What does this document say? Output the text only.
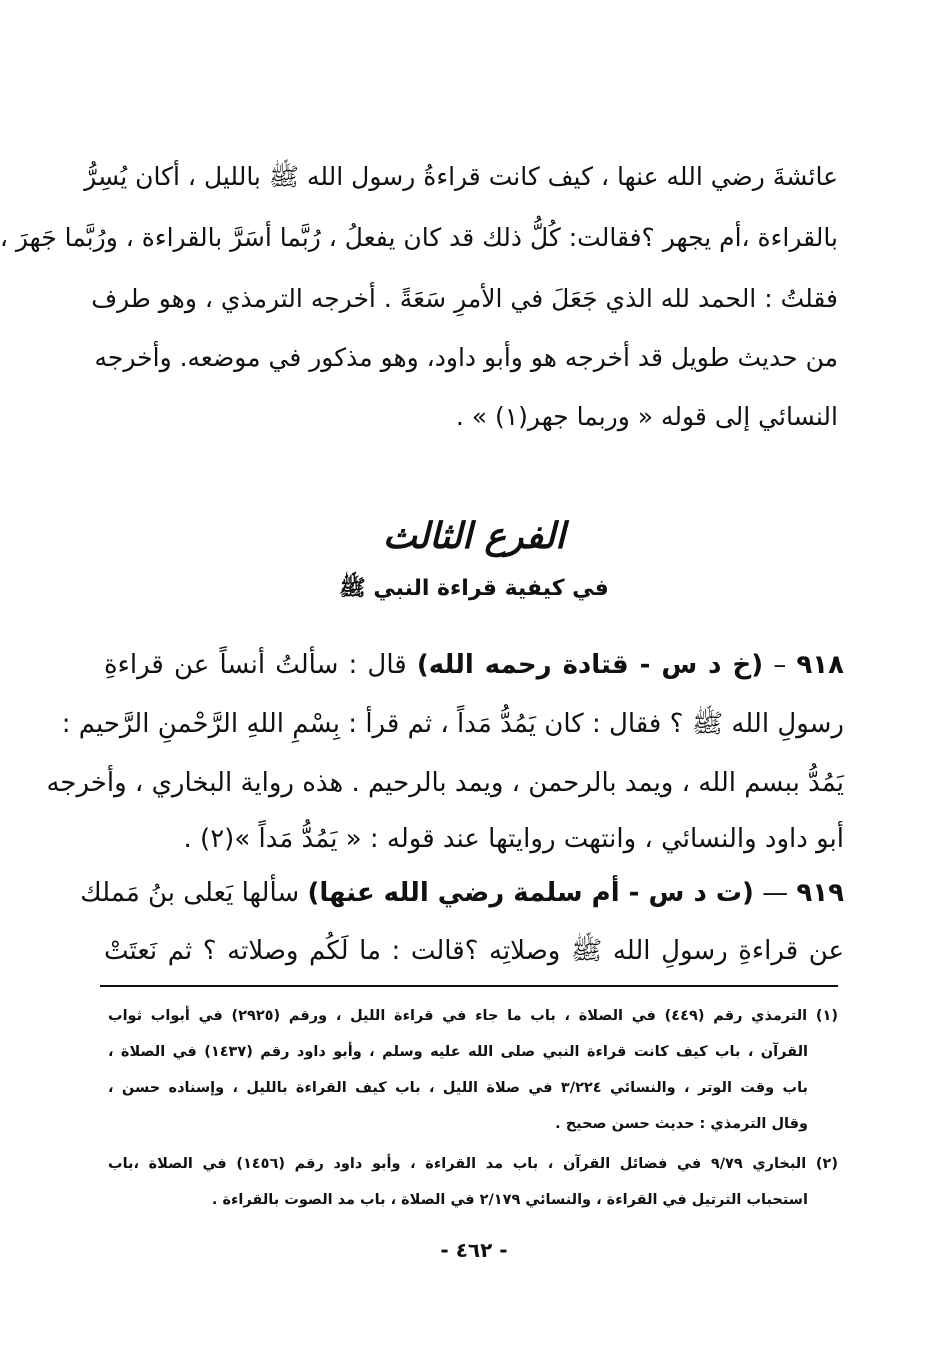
عائشةَ رضي الله عنها ، كيف كانت قراءةُ رسول الله ﷺ بالليل ، أكان يُسِرُّ
بالقراءة ،أم يجهر ؟فقالت: كُلُّ ذلك قد كان يفعلُ ، رُبَّما أسَرَّ بالقراءة ، ورُبَّما جَهرَ ،
فقلتُ : الحمد لله الذي جَعَلَ في الأمرِ سَعَةً . أخرجه الترمذي ، وهو طرف
من حديث طويل قد أخرجه هو وأبو داود، وهو مذكور في موضعه. وأخرجه
النسائي إلى قوله « وربما جهر(١) » .
الفرع الثالث
في كيفية قراءة النبي ﷺ
٩١٨ – (خ د س - قتادة رحمه الله) قال : سألتُ أنساً عن قراءةِ
رسولِ الله ﷺ ؟ فقال : كان يَمُدُّ مَداً ، ثم قرأ : بِسْمِ اللهِ الرَّحْمنِ الرَّحيم :
يَمُدُّ ببسم الله ، ويمد بالرحمن ، ويمد بالرحيم . هذه رواية البخاري ، وأخرجه
أبو داود والنسائي ، وانتهت روايتها عند قوله : « يَمُدُّ مَداً »(٢) .
٩١٩ — (ت د س - أم سلمة رضي الله عنها) سألها يَعلى بنُ مَملك
عن قراءةِ رسولِ الله ﷺ وصلاتِه ؟قالت : ما لَكُم وصلاته ؟ ثم نَعتَتْ
(١) الترمذي رقم (٤٤٩) في الصلاة ، باب ما جاء في قراءة الليل ، ورقم (٢٩٢٥) في أبواب ثواب
القرآن ، باب كيف كانت قراءة النبي صلى الله عليه وسلم ، وأبو داود رقم (١٤٣٧) في الصلاة ،
باب وقت الوتر ، والنسائي ٣/٢٢٤ في صلاة الليل ، باب كيف القراءة بالليل ، وإسناده حسن ،
وقال الترمذي : حديث حسن صحيح .
(٢) البخاري ٩/٧٩ في فضائل القرآن ، باب مد القراءة ، وأبو داود رقم (١٤٥٦) في الصلاة ،باب
استحباب الترتيل في القراءة ، والنسائي ٢/١٧٩ في الصلاة ، باب مد الصوت بالقراءة .
- ٤٦٢ -
